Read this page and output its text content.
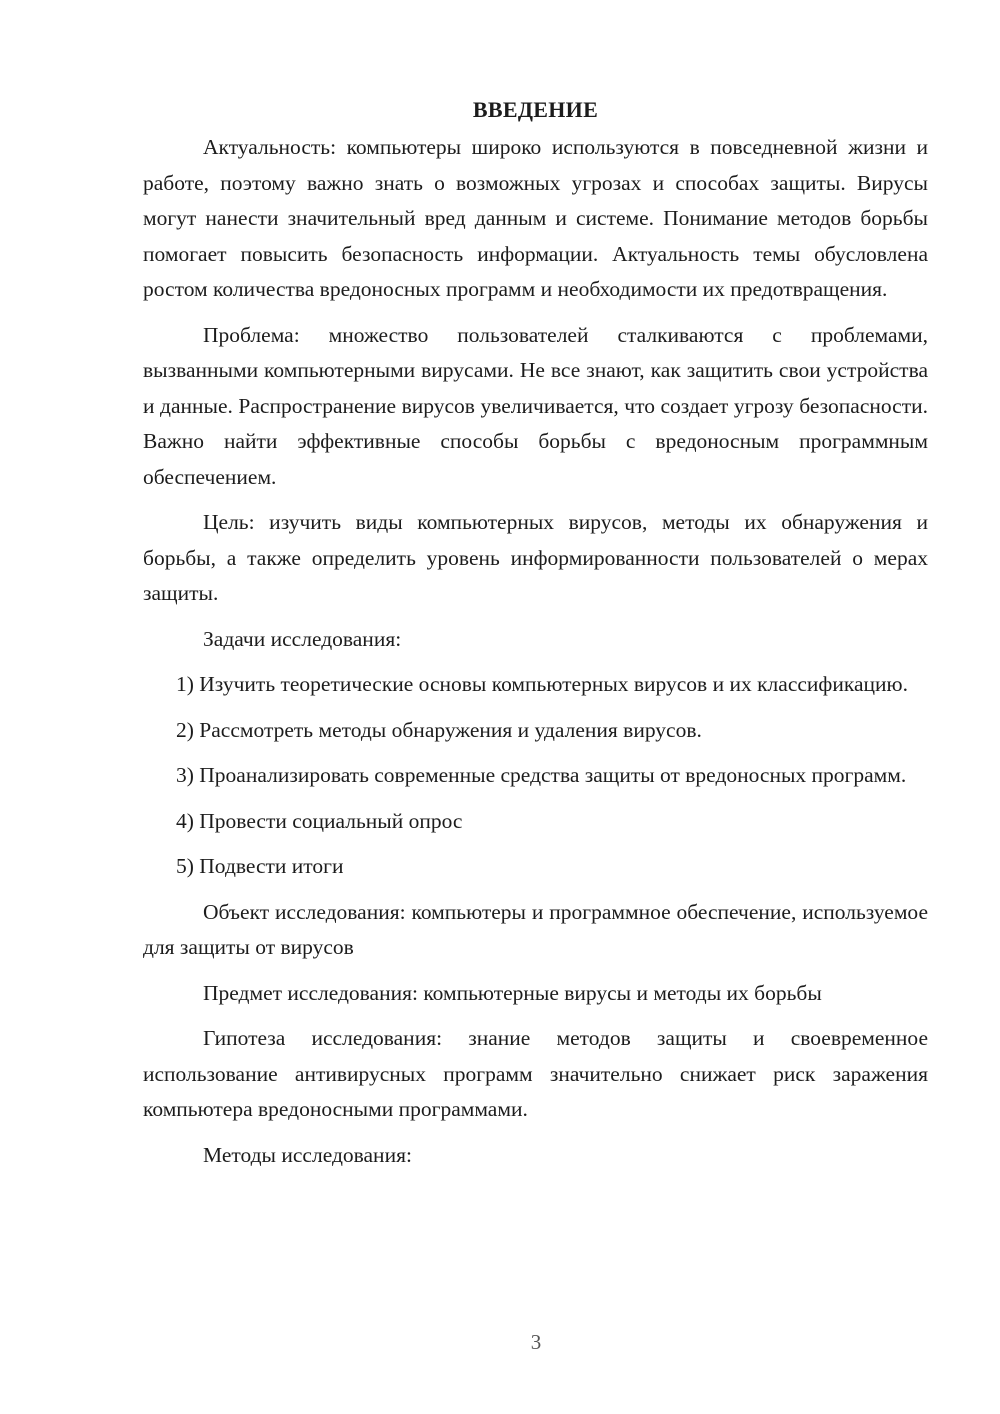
ВВЕДЕНИЕ

Актуальность: компьютеры широко используются в повседневной жизни и работе, поэтому важно знать о возможных угрозах и способах защиты. Вирусы могут нанести значительный вред данным и системе. Понимание методов борьбы помогает повысить безопасность информации. Актуальность темы обусловлена ростом количества вредоносных программ и необходимости их предотвращения.

Проблема: множество пользователей сталкиваются с проблемами, вызванными компьютерными вирусами. Не все знают, как защитить свои устройства и данные. Распространение вирусов увеличивается, что создает угрозу безопасности. Важно найти эффективные способы борьбы с вредоносным программным обеспечением.

Цель: изучить виды компьютерных вирусов, методы их обнаружения и борьбы, а также определить уровень информированности пользователей о мерах защиты.

Задачи исследования:

1) Изучить теоретические основы компьютерных вирусов и их классификацию.

2) Рассмотреть методы обнаружения и удаления вирусов.

3) Проанализировать современные средства защиты от вредоносных программ.

4) Провести социальный опрос

5) Подвести итоги

Объект исследования: компьютеры и программное обеспечение, используемое для защиты от вирусов

Предмет исследования: компьютерные вирусы и методы их борьбы

Гипотеза исследования: знание методов защиты и своевременное использование антивирусных программ значительно снижает риск заражения компьютера вредоносными программами.

Методы исследования:

3
